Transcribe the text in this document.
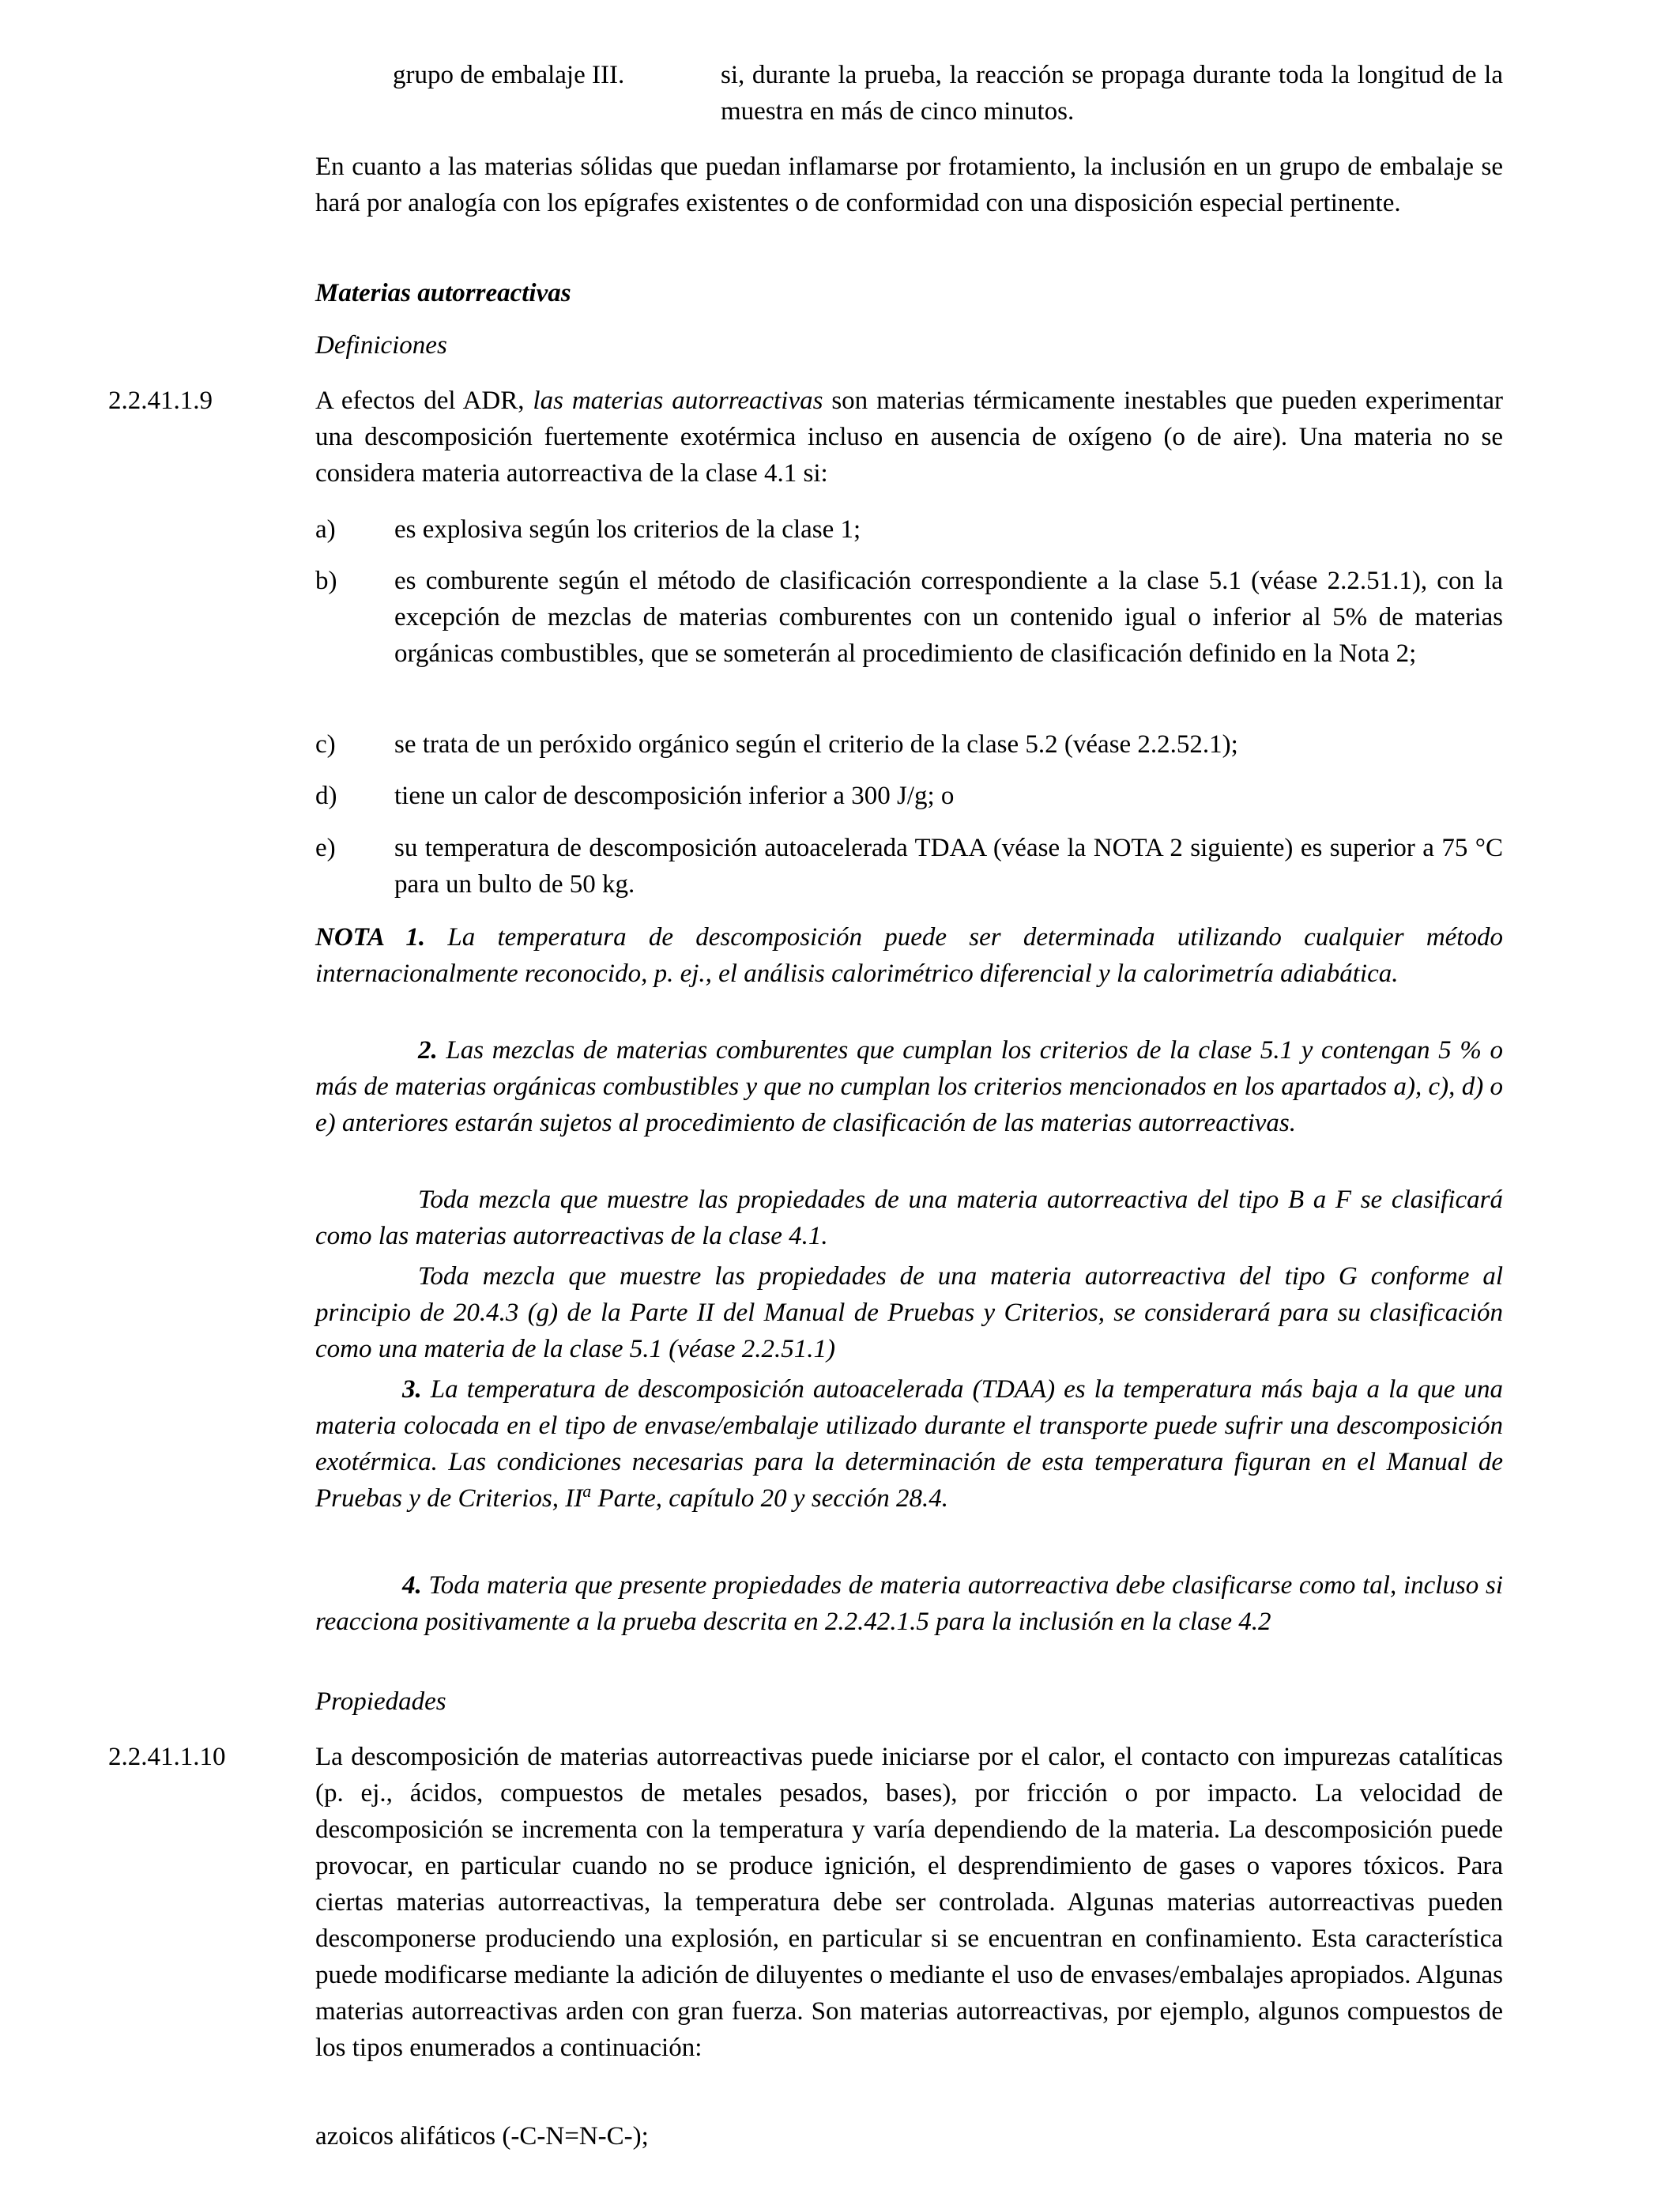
grupo de embalaje III.	si, durante la prueba, la reacción se propaga durante toda la longitud de la muestra en más de cinco minutos.

En cuanto a las materias sólidas que puedan inflamarse por frotamiento, la inclusión en un grupo de embalaje se hará por analogía con los epígrafes existentes o de conformidad con una disposición especial pertinente.

Materias autorreactivas
Definiciones
2.2.41.1.9	A efectos del ADR, las materias autorreactivas son materias térmicamente inestables que pueden experimentar una descomposición fuertemente exotérmica incluso en ausencia de oxígeno (o de aire). Una materia no se considera materia autorreactiva de la clase 4.1 si:

a) es explosiva según los criterios de la clase 1;
b) es comburente según el método de clasificación correspondiente a la clase 5.1 (véase 2.2.51.1), con la excepción de mezclas de materias comburentes con un contenido igual o inferior al 5% de materias orgánicas combustibles, que se someterán al procedimiento de clasificación definido en la Nota 2;
c) se trata de un peróxido orgánico según el criterio de la clase 5.2 (véase 2.2.52.1);
d) tiene un calor de descomposición inferior a 300 J/g; o
e) su temperatura de descomposición autoacelerada TDAA (véase la NOTA 2 siguiente) es superior a 75 °C para un bulto de 50 kg.

NOTA 1. La temperatura de descomposición puede ser determinada utilizando cualquier método internacionalmente reconocido, p. ej., el análisis calorimétrico diferencial y la calorimetría adiabática.

2. Las mezclas de materias comburentes que cumplan los criterios de la clase 5.1 y contengan 5 % o más de materias orgánicas combustibles y que no cumplan los criterios mencionados en los apartados a), c), d) o e) anteriores estarán sujetos al procedimiento de clasificación de las materias autorreactivas.

Toda mezcla que muestre las propiedades de una materia autorreactiva del tipo B a F se clasificará como las materias autorreactivas de la clase 4.1.

Toda mezcla que muestre las propiedades de una materia autorreactiva del tipo G conforme al principio de 20.4.3 (g) de la Parte II del Manual de Pruebas y Criterios, se considerará para su clasificación como una materia de la clase 5.1 (véase 2.2.51.1)

3. La temperatura de descomposición autoacelerada (TDAA) es la temperatura más baja a la que una materia colocada en el tipo de envase/embalaje utilizado durante el transporte puede sufrir una descomposición exotérmica. Las condiciones necesarias para la determinación de esta temperatura figuran en el Manual de Pruebas y de Criterios, $II^a$ Parte, capítulo 20 y sección 28.4.

4. Toda materia que presente propiedades de materia autorreactiva debe clasificarse como tal, incluso si reacciona positivamente a la prueba descrita en 2.2.42.1.5 para la inclusión en la clase 4.2

Propiedades
2.2.41.1.10	La descomposición de materias autorreactivas puede iniciarse por el calor, el contacto con impurezas catalíticas (p. ej., ácidos, compuestos de metales pesados, bases), por fricción o por impacto. La velocidad de descomposición se incrementa con la temperatura y varía dependiendo de la materia. La descomposición puede provocar, en particular cuando no se produce ignición, el desprendimiento de gases o vapores tóxicos. Para ciertas materias autorreactivas, la temperatura debe ser controlada. Algunas materias autorreactivas pueden descomponerse produciendo una explosión, en particular si se encuentran en confinamiento. Esta característica puede modificarse mediante la adición de diluyentes o mediante el uso de envases/embalajes apropiados. Algunas materias autorreactivas arden con gran fuerza. Son materias autorreactivas, por ejemplo, algunos compuestos de los tipos enumerados a continuación:

azoicos alifáticos (-C-N=N-C-);
